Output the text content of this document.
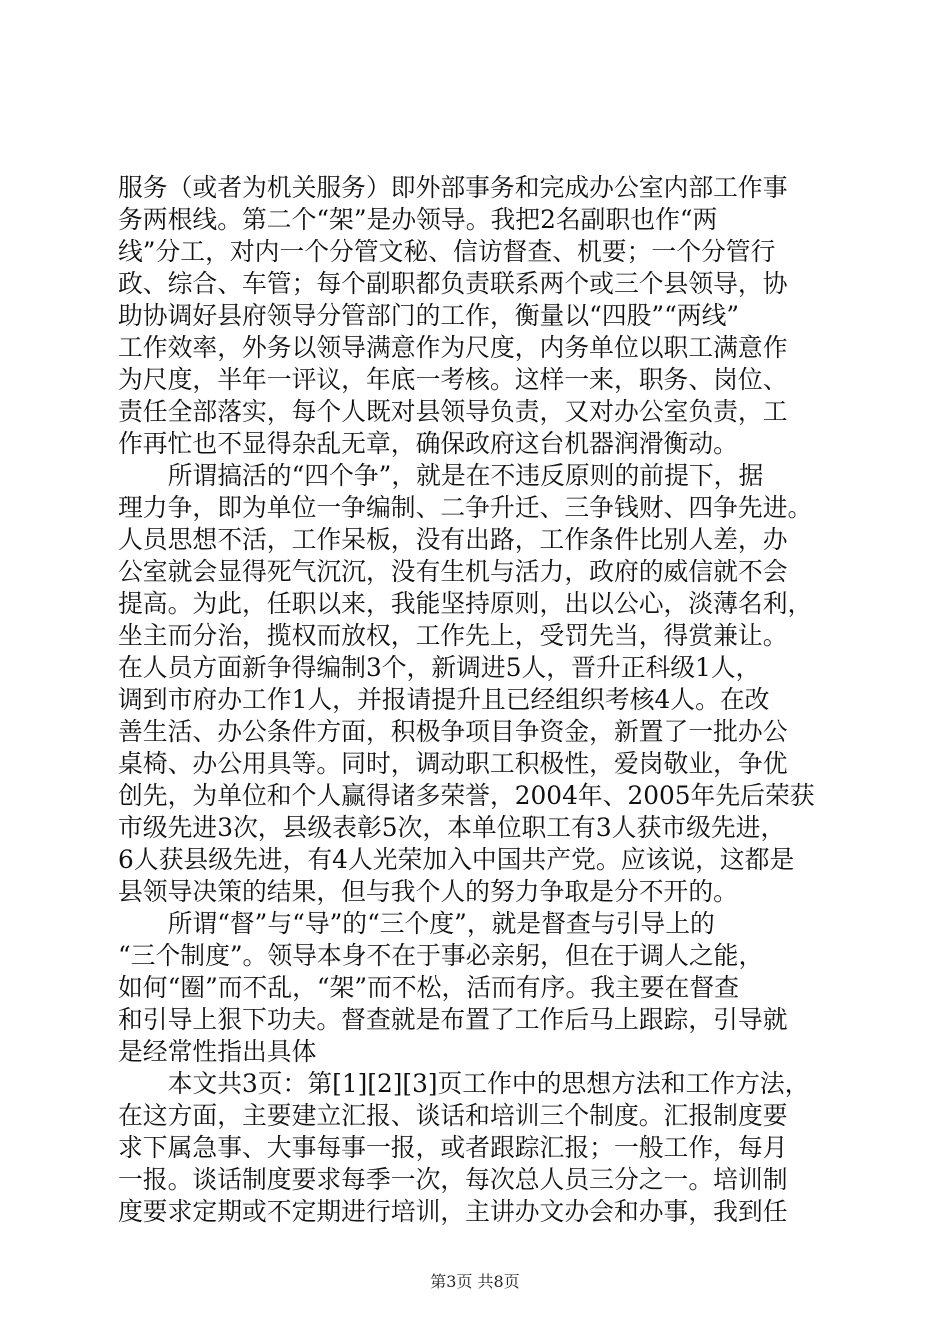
服务（或者为机关服务）即外部事务和完成办公室内部工作事
务两根线。第二个“架”是办领导。我把2名副职也作“两
线”分工，对内一个分管文秘、信访督查、机要；一个分管行
政、综合、车管；每个副职都负责联系两个或三个县领导，协
助协调好县府领导分管部门的工作，衡量以“四股”“两线”
工作效率，外务以领导满意作为尺度，内务单位以职工满意作
为尺度，半年一评议，年底一考核。这样一来，职务、岗位、
责任全部落实，每个人既对县领导负责，又对办公室负责，工
作再忙也不显得杂乱无章，确保政府这台机器润滑衡动。
　　所谓搞活的“四个争”，就是在不违反原则的前提下，据
理力争，即为单位一争编制、二争升迁、三争钱财、四争先进。
人员思想不活，工作呆板，没有出路，工作条件比别人差，办
公室就会显得死气沉沉，没有生机与活力，政府的威信就不会
提高。为此，任职以来，我能坚持原则，出以公心，淡薄名利，
坐主而分治，揽权而放权，工作先上，受罚先当，得赏兼让。
在人员方面新争得编制3个，新调进5人，晋升正科级1人，
调到市府办工作1人，并报请提升且已经组织考核4人。在改
善生活、办公条件方面，积极争项目争资金，新置了一批办公
桌椅、办公用具等。同时，调动职工积极性，爱岗敬业，争优
创先，为单位和个人赢得诸多荣誉，2004年、2005年先后荣获
市级先进3次，县级表彰5次，本单位职工有3人获市级先进，
6人获县级先进，有4人光荣加入中国共产党。应该说，这都是
县领导决策的结果，但与我个人的努力争取是分不开的。
　　所谓“督”与“导”的“三个度”，就是督查与引导上的
“三个制度”。领导本身不在于事必亲躬，但在于调人之能，
如何“圈”而不乱，“架”而不松，活而有序。我主要在督查
和引导上狠下功夫。督查就是布置了工作后马上跟踪，引导就
是经常性指出具体
　　本文共3页：第[1][2][3]页工作中的思想方法和工作方法，
在这方面，主要建立汇报、谈话和培训三个制度。汇报制度要
求下属急事、大事每事一报，或者跟踪汇报；一般工作，每月
一报。谈话制度要求每季一次，每次总人员三分之一。培训制
度要求定期或不定期进行培训，主讲办文办会和办事，我到任
第3页 共8页
